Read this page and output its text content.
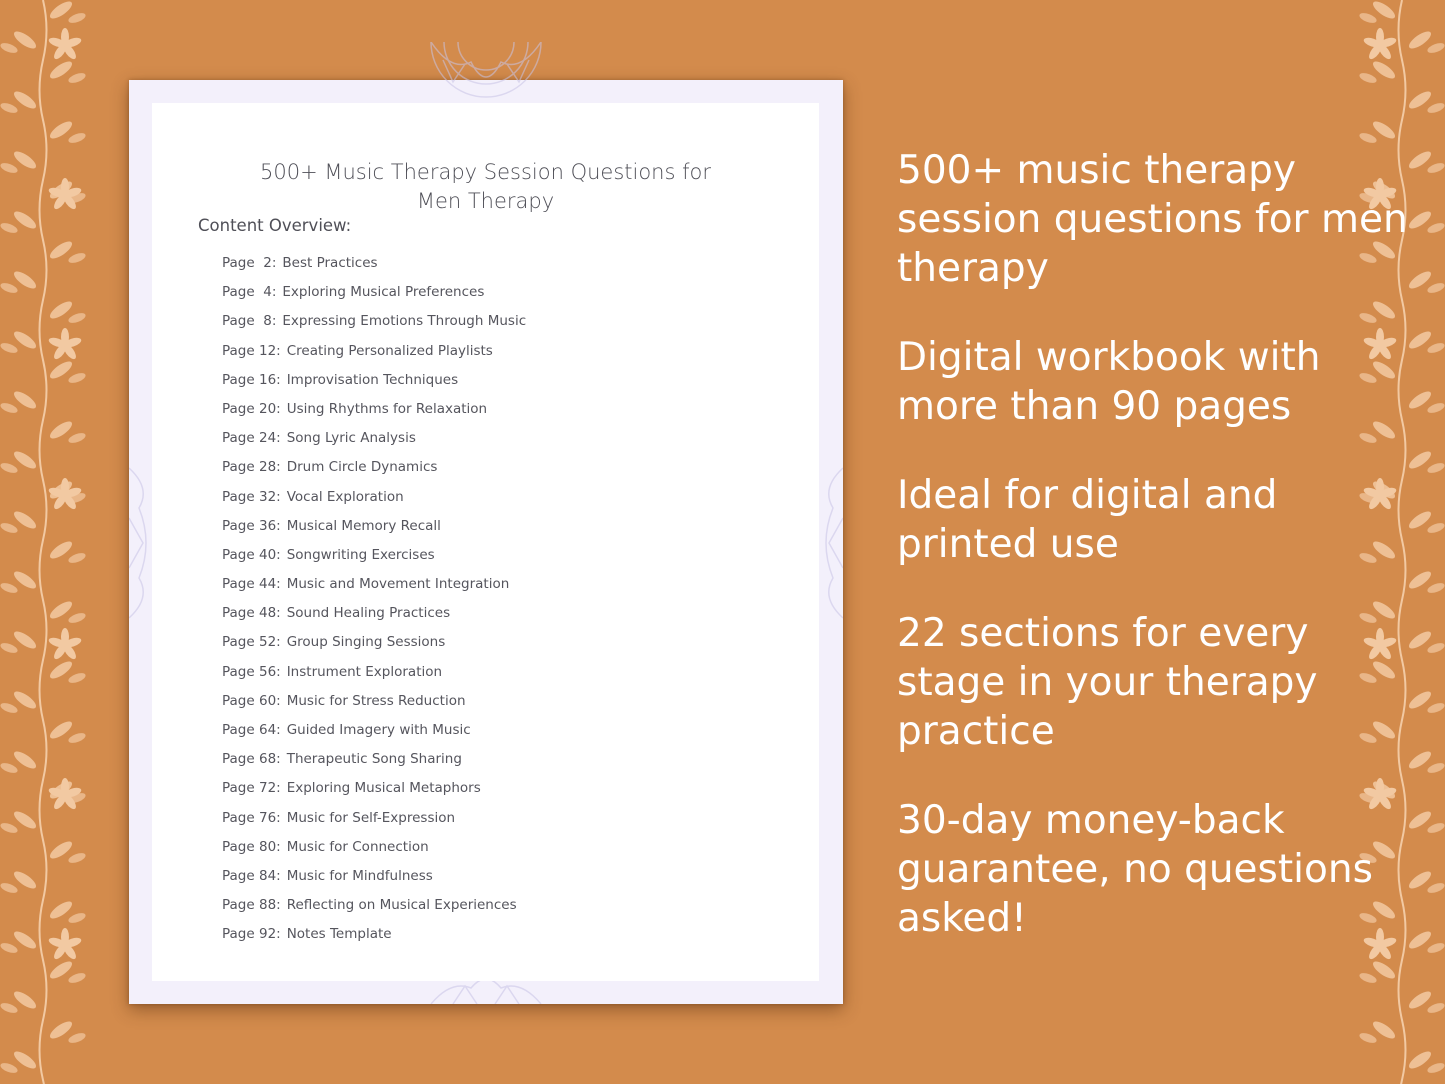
500+ Music Therapy Session Questions for
Men Therapy
Content Overview:
Page  2: Best Practices
Page  4: Exploring Musical Preferences
Page  8: Expressing Emotions Through Music
Page 12: Creating Personalized Playlists
Page 16: Improvisation Techniques
Page 20: Using Rhythms for Relaxation
Page 24: Song Lyric Analysis
Page 28: Drum Circle Dynamics
Page 32: Vocal Exploration
Page 36: Musical Memory Recall
Page 40: Songwriting Exercises
Page 44: Music and Movement Integration
Page 48: Sound Healing Practices
Page 52: Group Singing Sessions
Page 56: Instrument Exploration
Page 60: Music for Stress Reduction
Page 64: Guided Imagery with Music
Page 68: Therapeutic Song Sharing
Page 72: Exploring Musical Metaphors
Page 76: Music for Self-Expression
Page 80: Music for Connection
Page 84: Music for Mindfulness
Page 88: Reflecting on Musical Experiences
Page 92: Notes Template

500+ music therapy session questions for men therapy

Digital workbook with more than 90 pages

Ideal for digital and printed use

22 sections for every stage in your therapy practice

30-day money-back guarantee, no questions asked!
